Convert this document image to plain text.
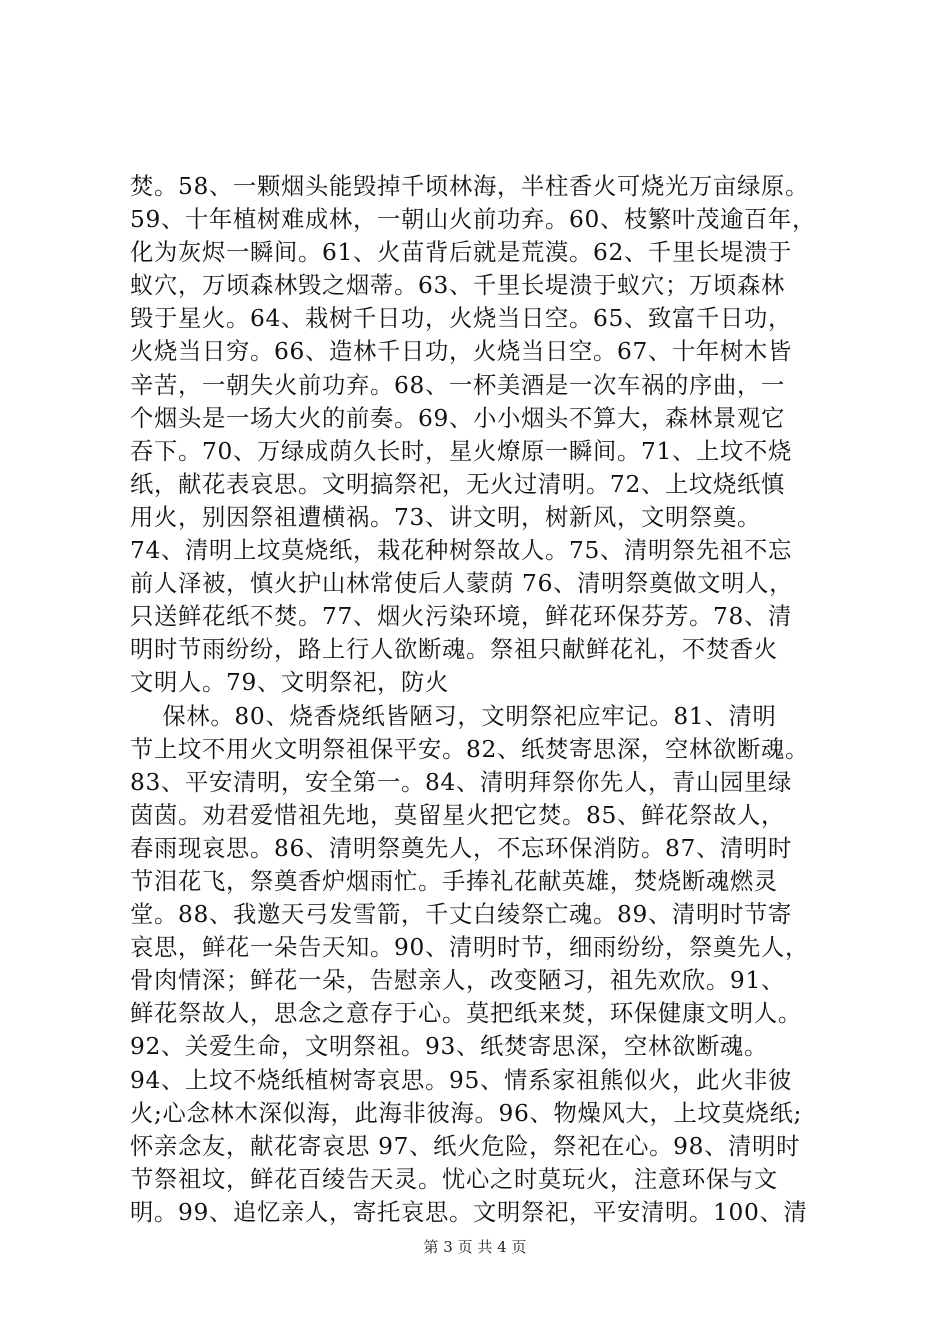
焚。58、一颗烟头能毁掉千顷林海，半柱香火可烧光万亩绿原。
59、十年植树难成林，一朝山火前功弃。60、枝繁叶茂逾百年，
化为灰烬一瞬间。61、火苗背后就是荒漠。62、千里长堤溃于
蚁穴，万顷森林毁之烟蒂。63、千里长堤溃于蚁穴；万顷森林
毁于星火。64、栽树千日功，火烧当日空。65、致富千日功，
火烧当日穷。66、造林千日功，火烧当日空。67、十年树木皆
辛苦，一朝失火前功弃。68、一杯美酒是一次车祸的序曲，一
个烟头是一场大火的前奏。69、小小烟头不算大，森林景观它
吞下。70、万绿成荫久长时，星火燎原一瞬间。71、上坟不烧
纸，献花表哀思。文明搞祭祀，无火过清明。72、上坟烧纸慎
用火，别因祭祖遭横祸。73、讲文明，树新风，文明祭奠。
74、清明上坟莫烧纸，栽花种树祭故人。75、清明祭先祖不忘
前人泽被，慎火护山林常使后人蒙荫 76、清明祭奠做文明人，
只送鲜花纸不焚。77、烟火污染环境，鲜花环保芬芳。78、清
明时节雨纷纷，路上行人欲断魂。祭祖只献鲜花礼，不焚香火
文明人。79、文明祭祀，防火
保林。80、烧香烧纸皆陋习，文明祭祀应牢记。81、清明
节上坟不用火文明祭祖保平安。82、纸焚寄思深，空林欲断魂。
83、平安清明，安全第一。84、清明拜祭你先人，青山园里绿
茵茵。劝君爱惜祖先地，莫留星火把它焚。85、鲜花祭故人，
春雨现哀思。86、清明祭奠先人，不忘环保消防。87、清明时
节泪花飞，祭奠香炉烟雨忙。手捧礼花献英雄，焚烧断魂燃灵
堂。88、我邀天弓发雪箭，千丈白绫祭亡魂。89、清明时节寄
哀思，鲜花一朵告天知。90、清明时节，细雨纷纷，祭奠先人，
骨肉情深；鲜花一朵，告慰亲人，改变陋习，祖先欢欣。91、
鲜花祭故人，思念之意存于心。莫把纸来焚，环保健康文明人。
92、关爱生命，文明祭祖。93、纸焚寄思深，空林欲断魂。
94、上坟不烧纸植树寄哀思。95、情系家祖熊似火，此火非彼
火;心念林木深似海，此海非彼海。96、物燥风大，上坟莫烧纸;
怀亲念友，献花寄哀思 97、纸火危险，祭祀在心。98、清明时
节祭祖坟，鲜花百绫告天灵。忧心之时莫玩火，注意环保与文
明。99、追忆亲人，寄托哀思。文明祭祀，平安清明。100、清
第 3 页 共 4 页
